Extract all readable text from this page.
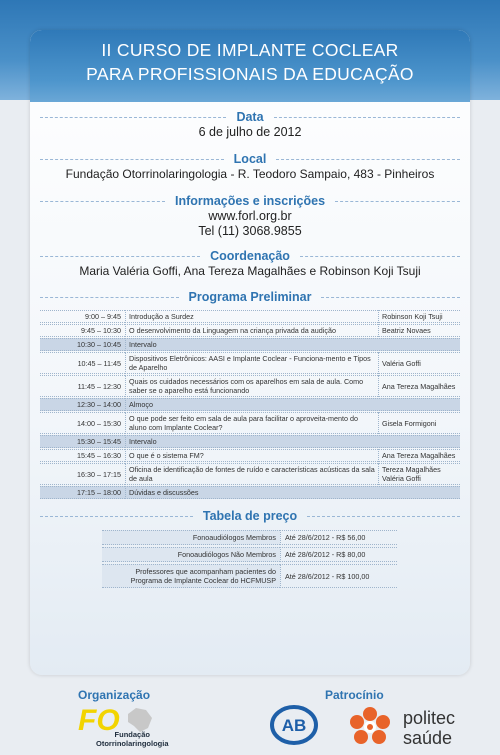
II CURSO DE IMPLANTE COCLEAR
PARA PROFISSIONAIS DA EDUCAÇÃO
Data
6 de julho de 2012
Local
Fundação Otorrinolaringologia - R. Teodoro Sampaio, 483 - Pinheiros
Informações e inscrições
www.forl.org.br
Tel (11) 3068.9855
Coordenação
Maria Valéria Goffi, Ana Tereza Magalhães e Robinson Koji Tsuji
Programa Preliminar
9:00 – 9:45	Introdução a Surdez	Robinson Koji Tsuji
9:45 – 10:30	O desenvolvimento da Linguagem na criança privada da audição	Beatriz Novaes
10:30 – 10:45	Intervalo	
10:45 – 11:45	Dispositivos Eletrônicos: AASI e Implante Coclear - Funciona-mento e Tipos de Aparelho	Valéria Goffi
11:45 – 12:30	Quais os cuidados necessários com os aparelhos em sala de aula. Como saber se o aparelho está funcionando	Ana Tereza Magalhães
12:30 – 14:00	Almoço	
14:00 – 15:30	O que pode ser feito em sala de aula para facilitar o aproveita-mento do aluno com Implante Coclear?	Gisela Formigoni
15:30 – 15:45	Intervalo	
15:45 – 16:30	O que é o sistema FM?	Ana Tereza Magalhães
16:30 – 17:15	Oficina de identificação de fontes de ruído e características acústicas da sala de aula	Tereza Magalhães Valéria Goffi
17:15 – 18:00	Dúvidas e discussões	
Tabela de preço
Fonoaudiólogos Membros	Até 28/6/2012 - R$ 56,00
Fonoaudiólogos Não Membros	Até 28/6/2012 - R$ 80,00
Professores que acompanham pacientes do Programa de Implante Coclear do HCFMUSP	Até 28/6/2012 - R$ 100,00
Organização	Patrocínio
FO
Fundação
Otorrinolaringologia
AB	politec
saúde
